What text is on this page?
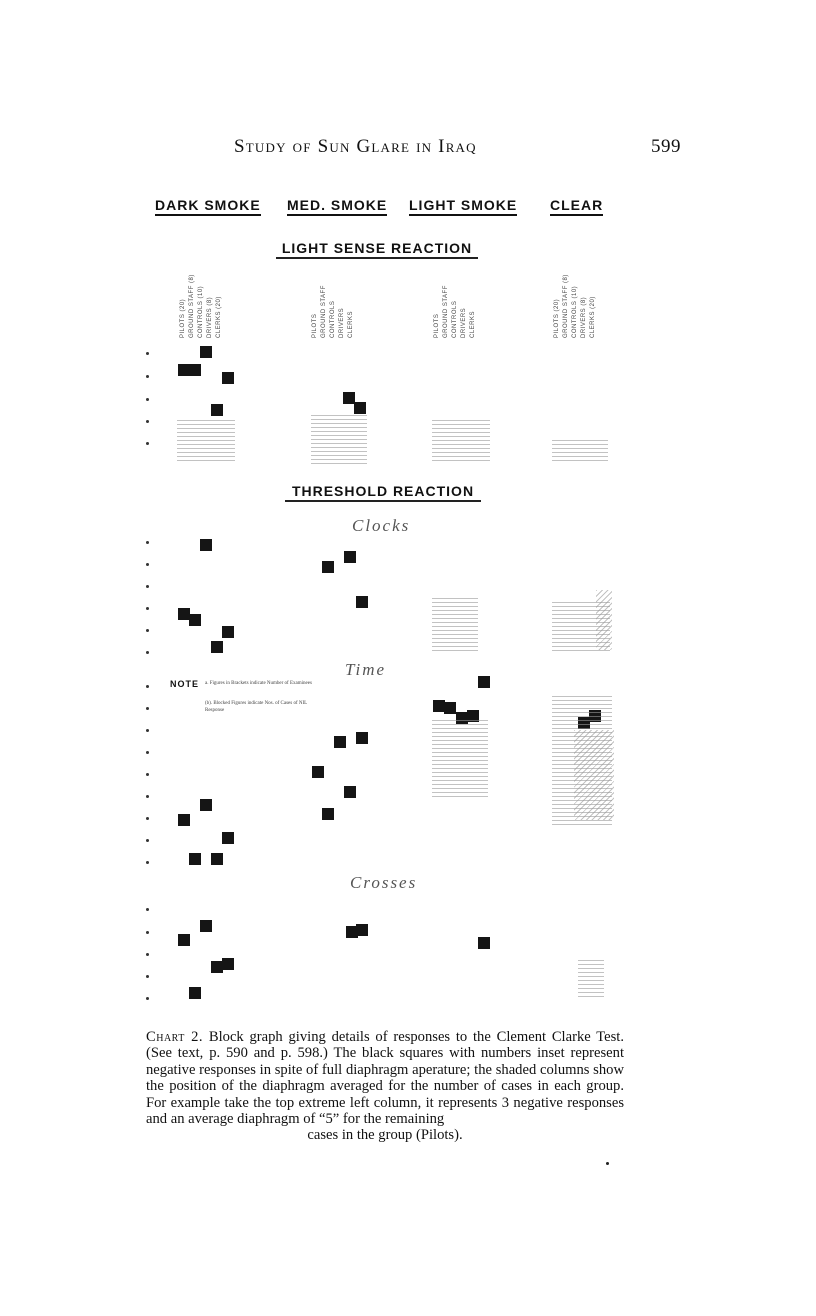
Study of Sun Glare in Iraq	599
DARK SMOKE MED. SMOKE LIGHT SMOKE CLEAR
LIGHT SENSE REACTION
PILOTS (20) GROUND STAFF (8) CONTROLS (10) DRIVERS (8) CLERKS (20)	PILOTS GROUND STAFF CONTROLS DRIVERS CLERKS	PILOTS GROUND STAFF CONTROLS DRIVERS CLERKS	PILOTS (20) GROUND STAFF (8) CONTROLS (10) DRIVERS (8) CLERKS (20)
THRESHOLD REACTION
Clocks
Time
NOTE a. Figures in Brackets indicate Number of Examinees
(b). Blocked Figures indicate Nos. of Cases of NIL Response
Crosses
Chart 2. Block graph giving details of responses to the Clement Clarke Test. (See text, p. 590 and p. 598.) The black squares with numbers inset represent negative responses in spite of full diaphragm aperature; the shaded columns show the position of the diaphragm averaged for the number of cases in each group. For example take the top extreme left column, it represents 3 negative responses and an average diaphragm of “5” for the remaining
cases in the group (Pilots).
